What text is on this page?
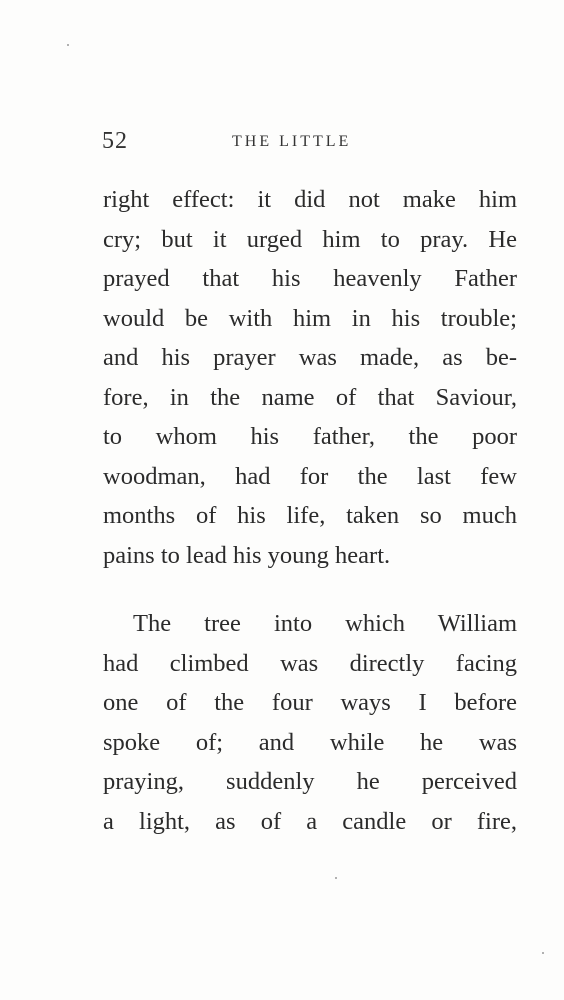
52	THE LITTLE
right effect: it did not make him
cry; but it urged him to pray. He
prayed that his heavenly Father
would be with him in his trouble;
and his prayer was made, as be-
fore, in the name of that Saviour,
to whom his father, the poor
woodman, had for the last few
months of his life, taken so much
pains to lead his young heart.
The tree into which William
had climbed was directly facing
one of the four ways I before
spoke of; and while he was
praying, suddenly he perceived
a light, as of a candle or fire,
